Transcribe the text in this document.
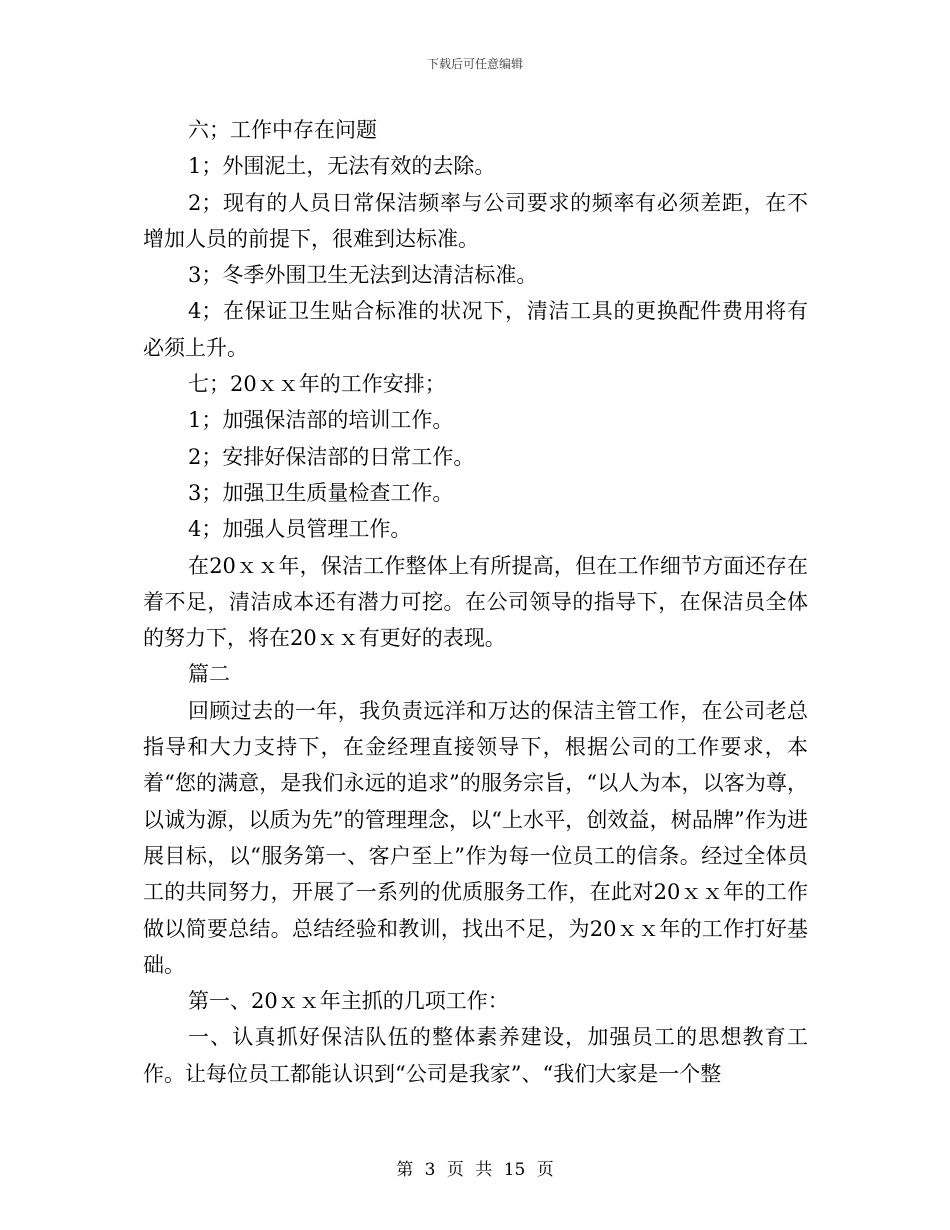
下载后可任意编辑

六；工作中存在问题

1；外围泥土，无法有效的去除。

2；现有的人员日常保洁频率与公司要求的频率有必须差距，在不增加人员的前提下，很难到达标准。

3；冬季外围卫生无法到达清洁标准。

4；在保证卫生贴合标准的状况下，清洁工具的更换配件费用将有必须上升。

七；20ｘｘ年的工作安排；

1；加强保洁部的培训工作。

2；安排好保洁部的日常工作。

3；加强卫生质量检查工作。

4；加强人员管理工作。

在20ｘｘ年，保洁工作整体上有所提高，但在工作细节方面还存在着不足，清洁成本还有潜力可挖。在公司领导的指导下，在保洁员全体的努力下，将在20ｘｘ有更好的表现。

篇二

回顾过去的一年，我负责远洋和万达的保洁主管工作，在公司老总指导和大力支持下，在金经理直接领导下，根据公司的工作要求，本着“您的满意，是我们永远的追求”的服务宗旨，“以人为本，以客为尊，以诚为源，以质为先”的管理理念，以“上水平，创效益，树品牌”作为进展目标，以“服务第一、客户至上”作为每一位员工的信条。经过全体员工的共同努力，开展了一系列的优质服务工作，在此对20ｘｘ年的工作做以简要总结。总结经验和教训，找出不足，为20ｘｘ年的工作打好基础。

第一、20ｘｘ年主抓的几项工作：

一、认真抓好保洁队伍的整体素养建设，加强员工的思想教育工作。让每位员工都能认识到“公司是我家”、“我们大家是一个整

第 3 页 共 15 页
